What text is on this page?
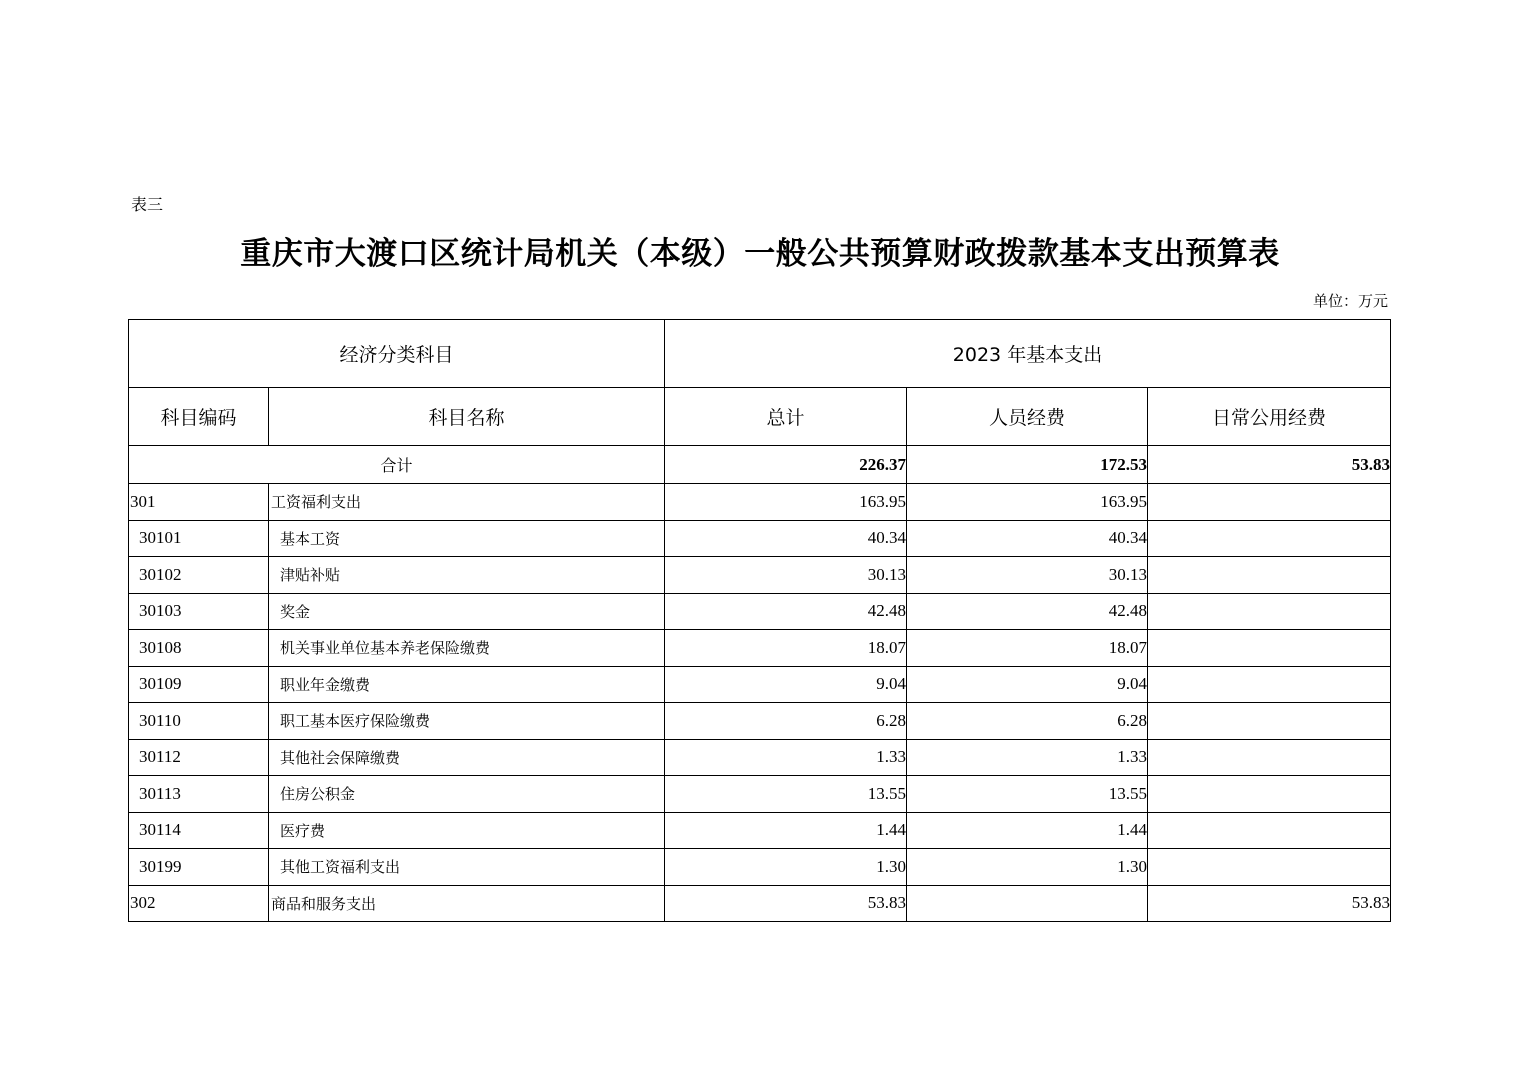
表三
重庆市大渡口区统计局机关（本级）一般公共预算财政拨款基本支出预算表
单位：万元
经济分类科目		2023 年基本支出		
科目编码	科目名称	总计	人员经费	日常公用经费
合计		226.37	172.53	53.83
301	工资福利支出	163.95	163.95	
30101	基本工资	40.34	40.34	
30102	津贴补贴	30.13	30.13	
30103	奖金	42.48	42.48	
30108	机关事业单位基本养老保险缴费	18.07	18.07	
30109	职业年金缴费	9.04	9.04	
30110	职工基本医疗保险缴费	6.28	6.28	
30112	其他社会保障缴费	1.33	1.33	
30113	住房公积金	13.55	13.55	
30114	医疗费	1.44	1.44	
30199	其他工资福利支出	1.30	1.30	
302	商品和服务支出	53.83		53.83
